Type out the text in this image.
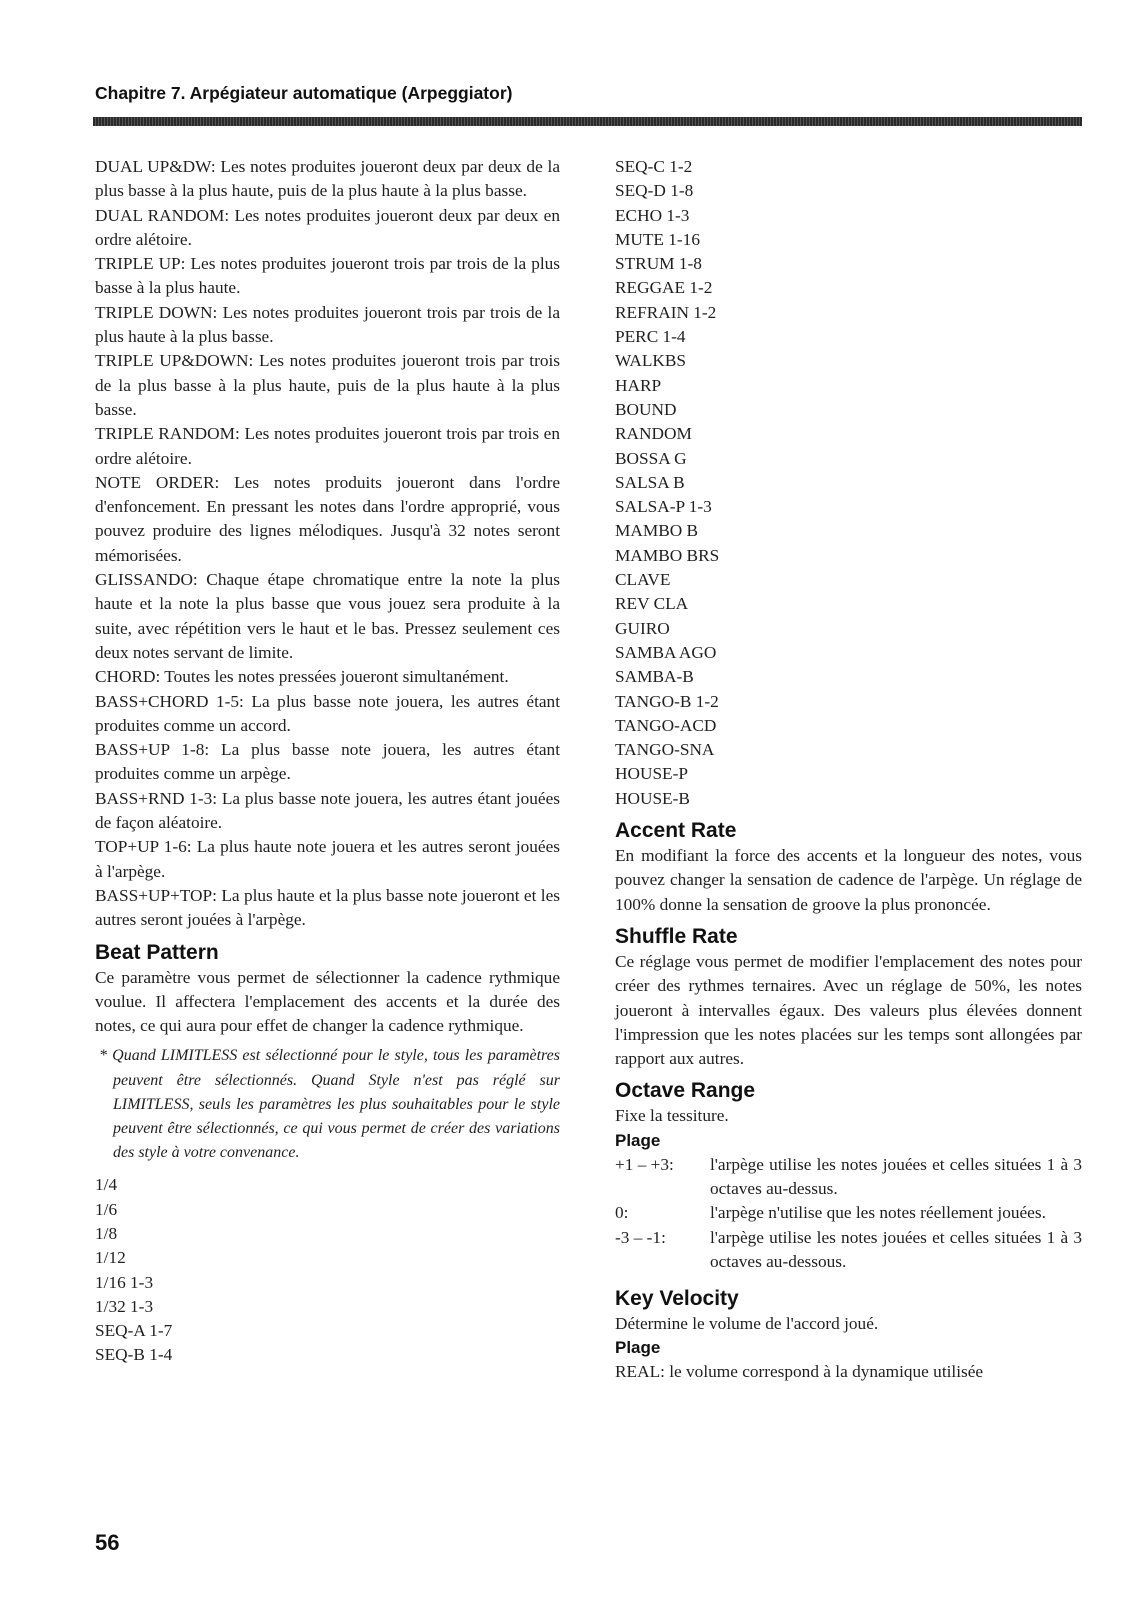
Chapitre 7. Arpégiateur automatique (Arpeggiator)

DUAL UP&DW: Les notes produites joueront deux par deux de la plus basse à la plus haute, puis de la plus haute à la plus basse.

DUAL RANDOM: Les notes produites joueront deux par deux en ordre alétoire.

TRIPLE UP: Les notes produites joueront trois par trois de la plus basse à la plus haute.

TRIPLE DOWN: Les notes produites joueront trois par trois de la plus haute à la plus basse.

TRIPLE UP&DOWN: Les notes produites joueront trois par trois de la plus basse à la plus haute, puis de la plus haute à la plus basse.

TRIPLE RANDOM: Les notes produites joueront trois par trois en ordre alétoire.

NOTE ORDER: Les notes produits joueront dans l'ordre d'enfoncement. En pressant les notes dans l'ordre approprié, vous pouvez produire des lignes mélodiques. Jusqu'à 32 notes seront mémorisées.

GLISSANDO: Chaque étape chromatique entre la note la plus haute et la note la plus basse que vous jouez sera produite à la suite, avec répétition vers le haut et le bas. Pressez seulement ces deux notes servant de limite.

CHORD: Toutes les notes pressées joueront simultanément.

BASS+CHORD 1-5: La plus basse note jouera, les autres étant produites comme un accord.

BASS+UP 1-8: La plus basse note jouera, les autres étant produites comme un arpège.

BASS+RND 1-3: La plus basse note jouera, les autres étant jouées de façon aléatoire.

TOP+UP 1-6: La plus haute note jouera et les autres seront jouées à l'arpège.

BASS+UP+TOP: La plus haute et la plus basse note joueront et les autres seront jouées à l'arpège.

Beat Pattern

Ce paramètre vous permet de sélectionner la cadence rythmique voulue. Il affectera l'emplacement des accents et la durée des notes, ce qui aura pour effet de changer la cadence rythmique.

* Quand LIMITLESS est sélectionné pour le style, tous les paramètres peuvent être sélectionnés. Quand Style n'est pas réglé sur LIMITLESS, seuls les paramètres les plus souhaitables pour le style peuvent être sélectionnés, ce qui vous permet de créer des variations des style à votre convenance.

1/4
1/6
1/8
1/12
1/16 1-3
1/32 1-3
SEQ-A 1-7
SEQ-B 1-4
SEQ-C 1-2
SEQ-D 1-8
ECHO 1-3
MUTE 1-16
STRUM 1-8
REGGAE 1-2
REFRAIN 1-2
PERC 1-4
WALKBS
HARP
BOUND
RANDOM
BOSSA G
SALSA B
SALSA-P 1-3
MAMBO B
MAMBO BRS
CLAVE
REV CLA
GUIRO
SAMBA AGO
SAMBA-B
TANGO-B 1-2
TANGO-ACD
TANGO-SNA
HOUSE-P
HOUSE-B
Accent Rate

En modifiant la force des accents et la longueur des notes, vous pouvez changer la sensation de cadence de l'arpège. Un réglage de 100% donne la sensation de groove la plus prononcée.

Shuffle Rate

Ce réglage vous permet de modifier l'emplacement des notes pour créer des rythmes ternaires. Avec un réglage de 50%, les notes joueront à intervalles égaux. Des valeurs plus élevées donnent l'impression que les notes placées sur les temps sont allongées par rapport aux autres.

Octave Range

Fixe la tessiture.

Plage
+1 – +3:	l'arpège utilise les notes jouées et celles situées 1 à 3 octaves au-dessus.
0:	l'arpège n'utilise que les notes réellement jouées.
-3 – -1:	l'arpège utilise les notes jouées et celles situées 1 à 3 octaves au-dessous.
Key Velocity

Détermine le volume de l'accord joué.

Plage

REAL: le volume correspond à la dynamique utilisée

56
